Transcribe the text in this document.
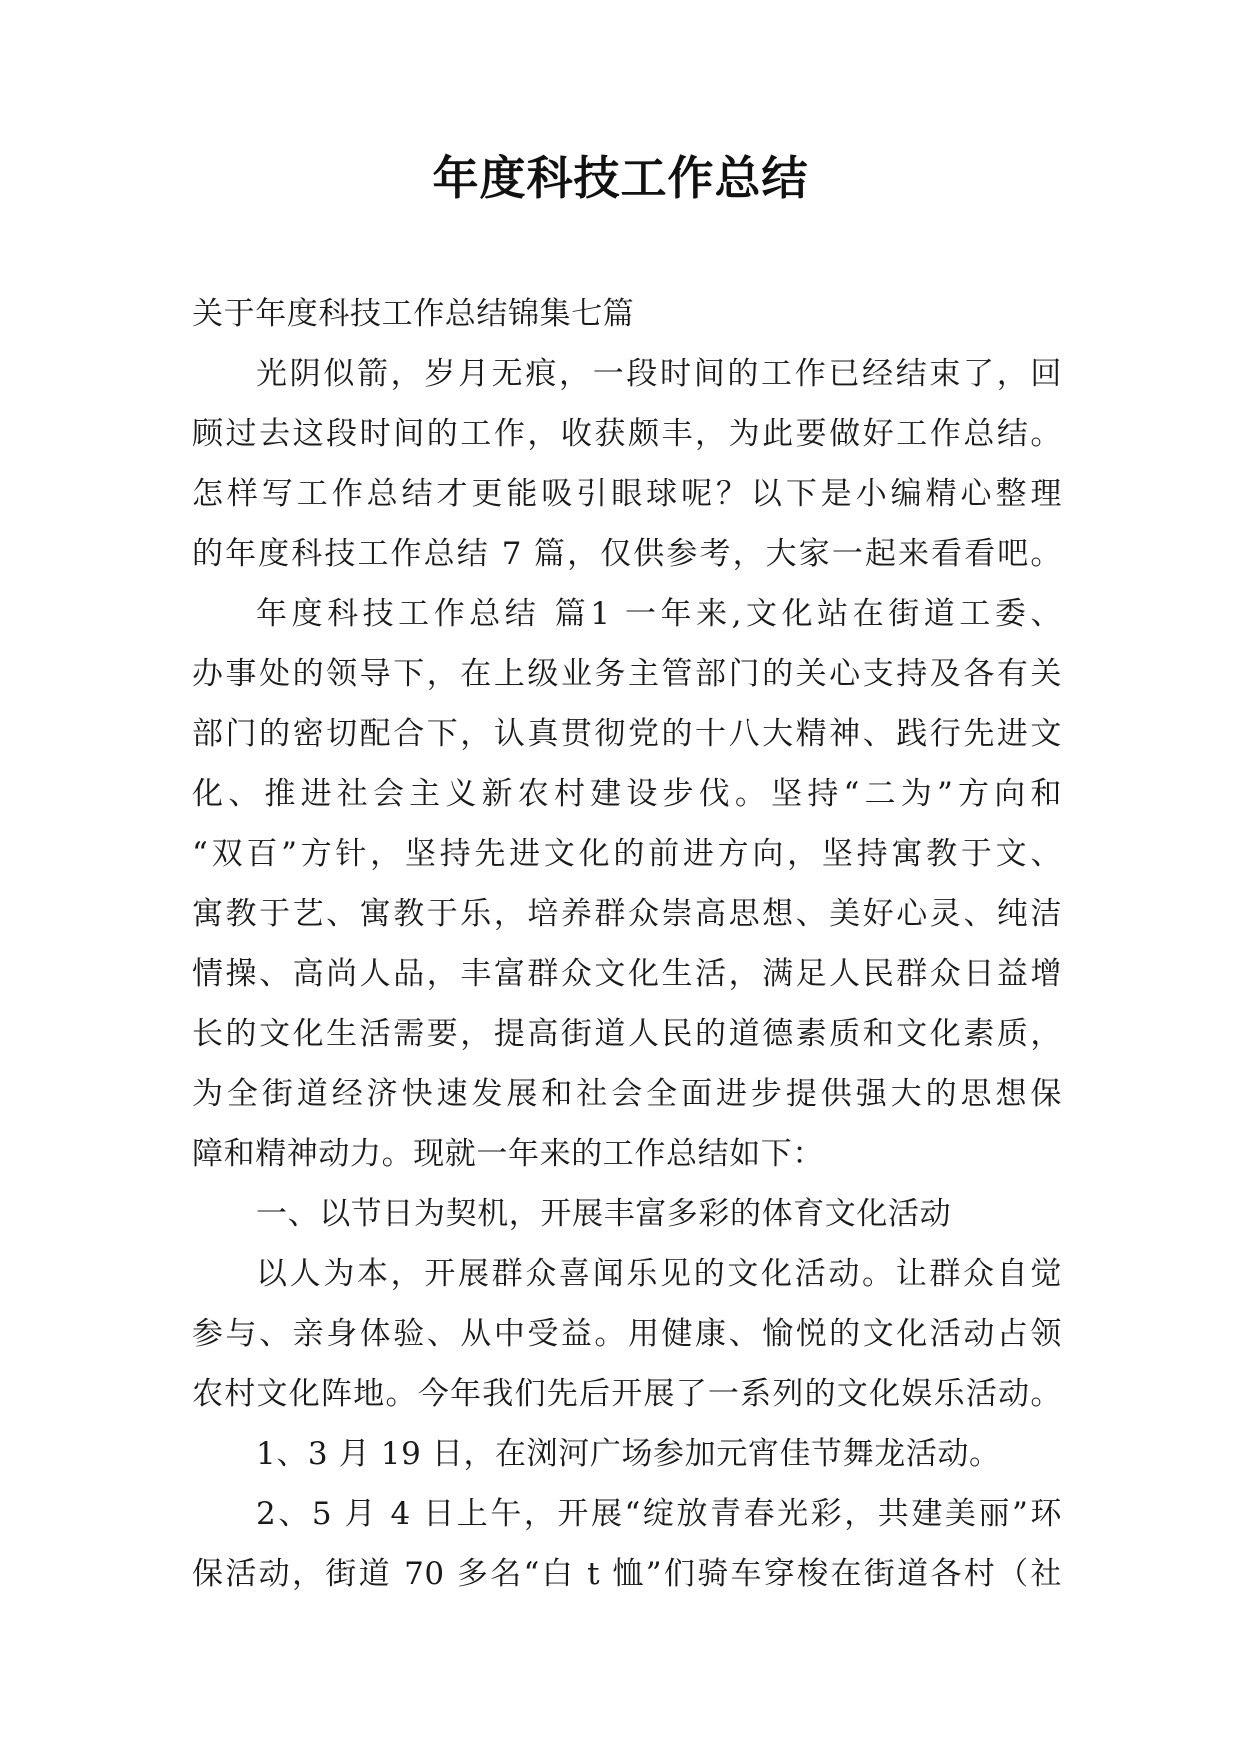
年度科技工作总结
关于年度科技工作总结锦集七篇
光阴似箭，岁月无痕，一段时间的工作已经结束了，回
顾过去这段时间的工作，收获颇丰，为此要做好工作总结。
怎样写工作总结才更能吸引眼球呢？以下是小编精心整理
的年度科技工作总结 7 篇，仅供参考，大家一起来看看吧。
年度科技工作总结 篇1 一年来,文化站在街道工委、
办事处的领导下，在上级业务主管部门的关心支持及各有关
部门的密切配合下，认真贯彻党的十八大精神、践行先进文
化、推进社会主义新农村建设步伐。坚持“二为”方向和
“双百”方针，坚持先进文化的前进方向，坚持寓教于文、
寓教于艺、寓教于乐，培养群众崇高思想、美好心灵、纯洁
情操、高尚人品，丰富群众文化生活，满足人民群众日益增
长的文化生活需要，提高街道人民的道德素质和文化素质，
为全街道经济快速发展和社会全面进步提供强大的思想保
障和精神动力。现就一年来的工作总结如下：
一、以节日为契机，开展丰富多彩的体育文化活动
以人为本，开展群众喜闻乐见的文化活动。让群众自觉
参与、亲身体验、从中受益。用健康、愉悦的文化活动占领
农村文化阵地。今年我们先后开展了一系列的文化娱乐活动。
1、3 月 19 日，在浏河广场参加元宵佳节舞龙活动。
2、5 月 4 日上午，开展“绽放青春光彩，共建美丽”环
保活动，街道 70 多名“白 t 恤”们骑车穿梭在街道各村（社
